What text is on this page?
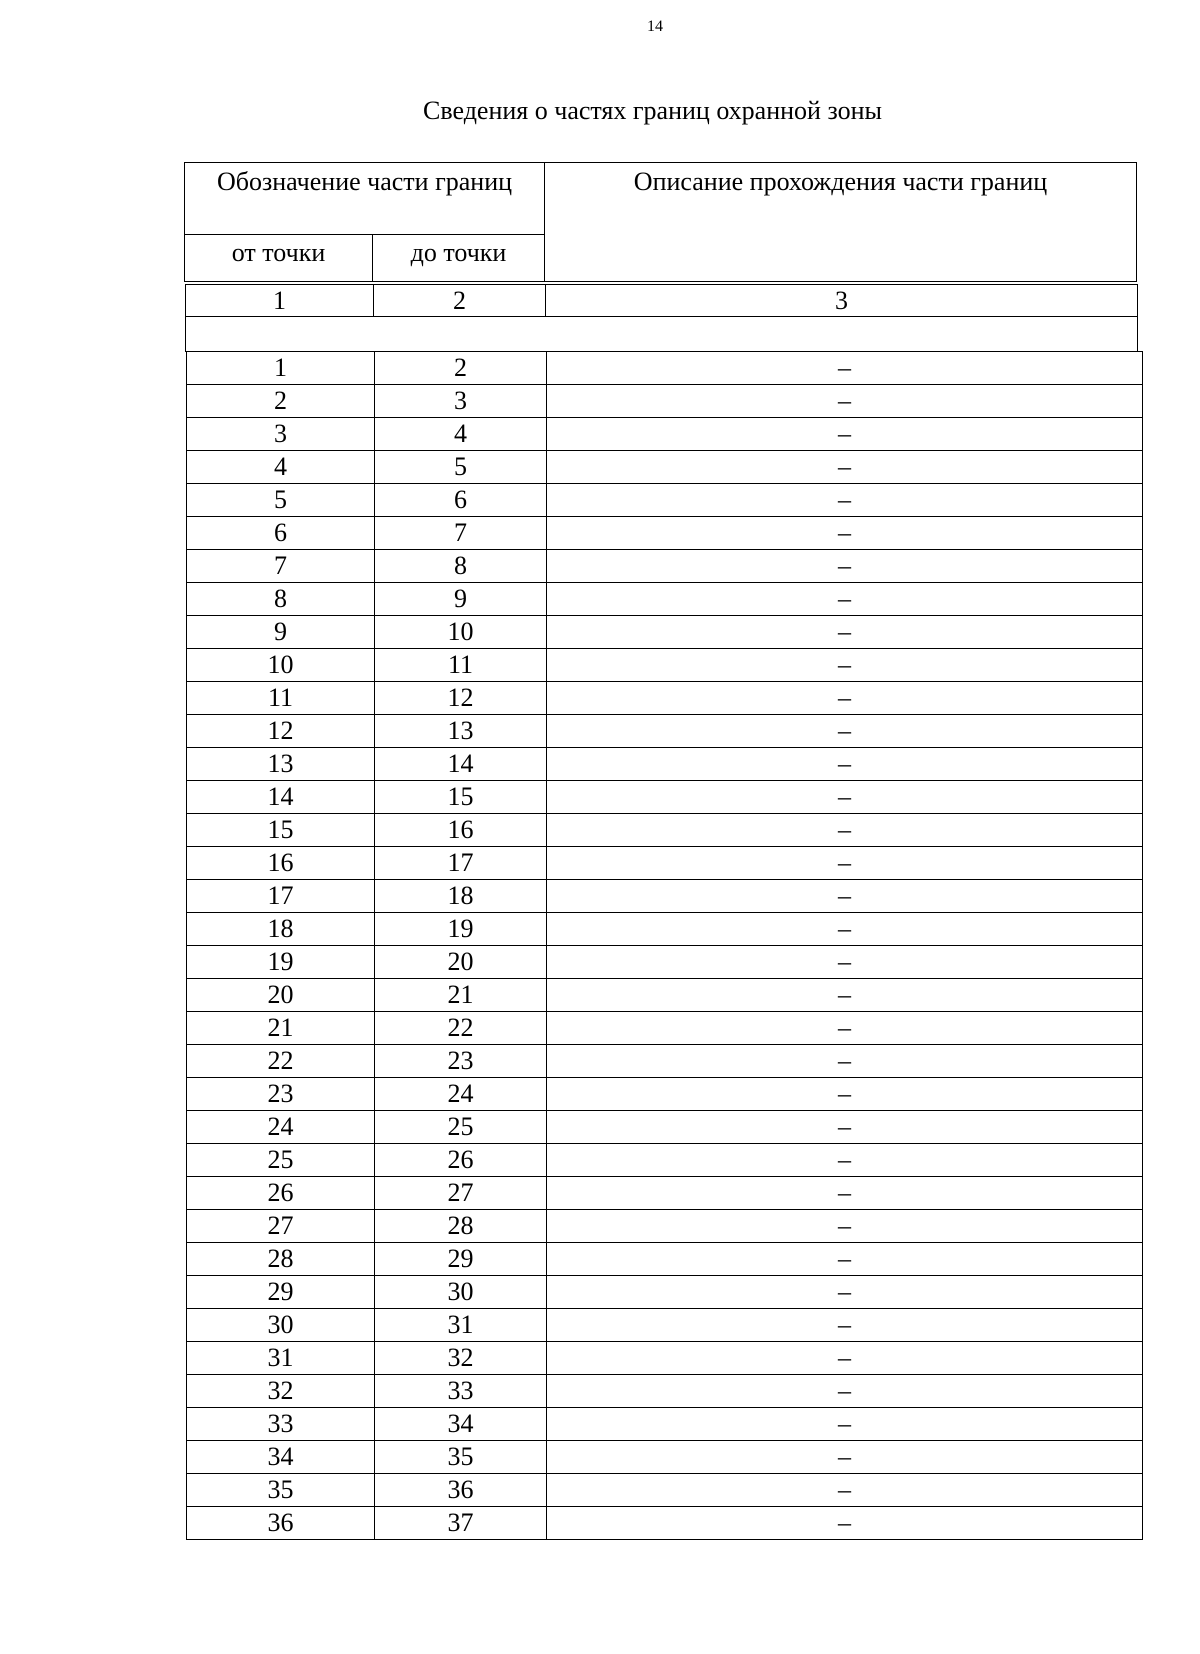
14
Сведения о частях границ охранной зоны
Обозначение части границ		Описание прохождения части границ
от точки	до точки	
1	2	3

1	2	–
2	3	–
3	4	–
4	5	–
5	6	–
6	7	–
7	8	–
8	9	–
9	10	–
10	11	–
11	12	–
12	13	–
13	14	–
14	15	–
15	16	–
16	17	–
17	18	–
18	19	–
19	20	–
20	21	–
21	22	–
22	23	–
23	24	–
24	25	–
25	26	–
26	27	–
27	28	–
28	29	–
29	30	–
30	31	–
31	32	–
32	33	–
33	34	–
34	35	–
35	36	–
36	37	–
